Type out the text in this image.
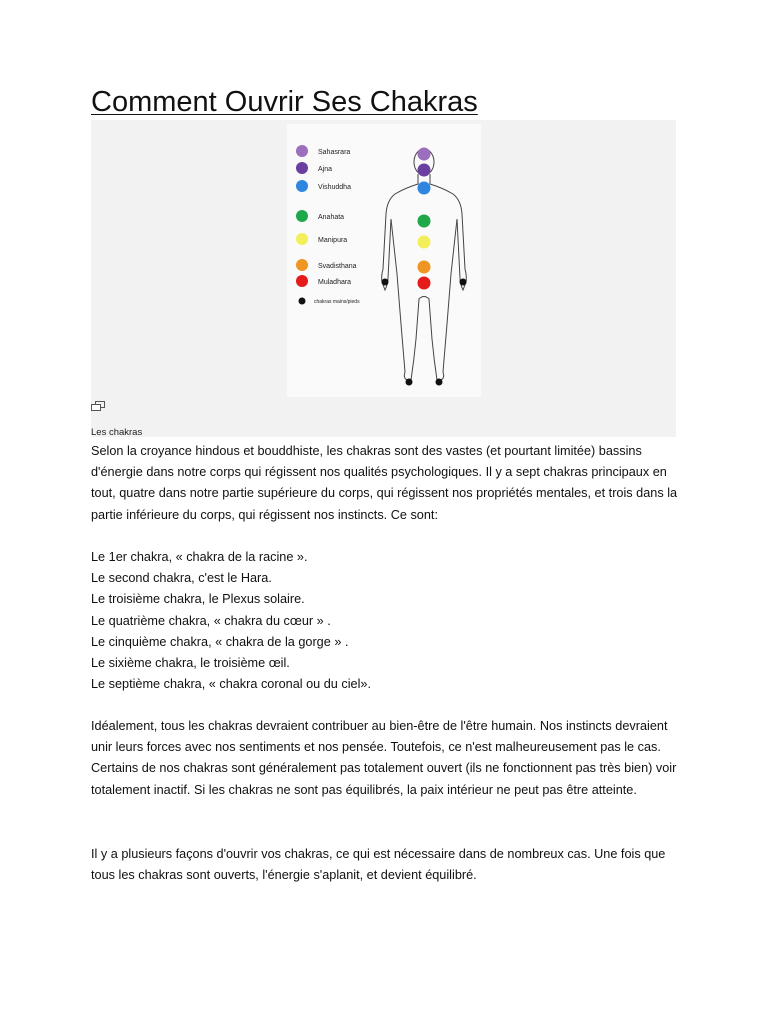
Comment Ouvrir Ses Chakras
Sahasrara
Ajna
Vishuddha
Anahata
Manipura
Svadisthana
Muladhara
chakras mains/pieds
Les chakras

Selon la croyance hindous et bouddhiste, les chakras sont des vastes (et pourtant limitée) bassins d'énergie dans notre corps qui régissent nos qualités psychologiques. Il y a sept chakras principaux en tout, quatre dans notre partie supérieure du corps, qui régissent nos propriétés mentales, et trois dans la partie inférieure du corps, qui régissent nos instincts. Ce sont:

Le 1er chakra, « chakra de la racine ».
Le second chakra, c'est le Hara.
Le troisième chakra, le Plexus solaire.
Le quatrième chakra, « chakra du cœur » .
Le cinquième chakra, « chakra de la gorge » .
Le sixième chakra, le troisième œil.
Le septième chakra, « chakra coronal ou du ciel».

Idéalement, tous les chakras devraient contribuer au bien-être de l'être humain. Nos instincts devraient unir leurs forces avec nos sentiments et nos pensée. Toutefois, ce n'est malheureusement pas le cas. Certains de nos chakras sont généralement pas totalement ouvert (ils ne fonctionnent pas très bien) voir totalement inactif. Si les chakras ne sont pas équilibrés, la paix intérieur ne peut pas être atteinte.

Il y a plusieurs façons d'ouvrir vos chakras, ce qui est nécessaire dans de nombreux cas. Une fois que tous les chakras sont ouverts, l'énergie s'aplanit, et devient équilibré.
